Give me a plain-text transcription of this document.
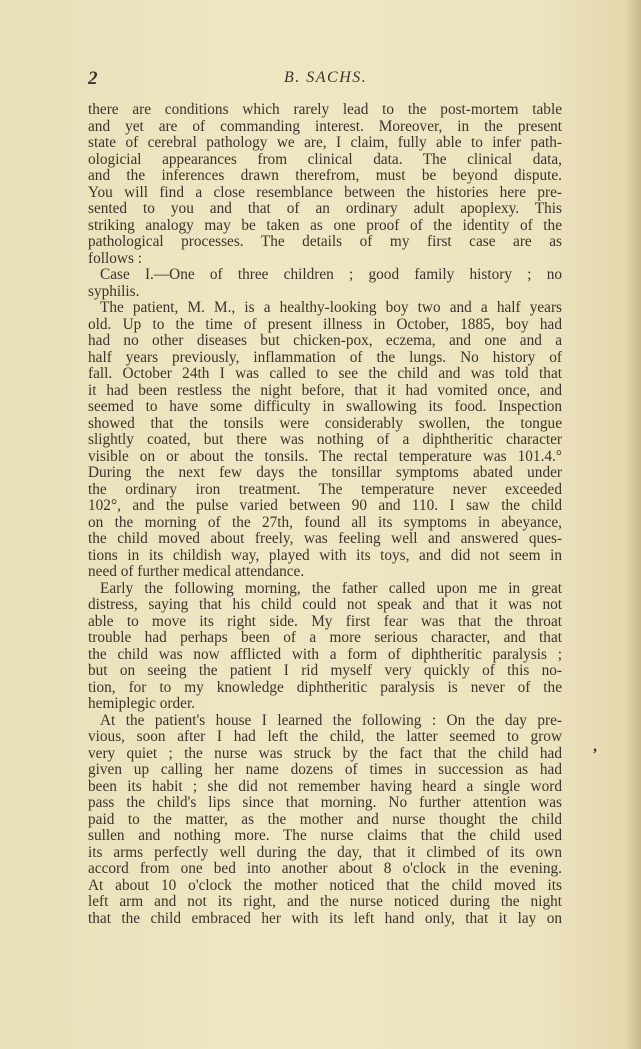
2	B. SACHS.
there are conditions which rarely lead to the post-mortem table
and yet are of commanding interest. Moreover, in the present
state of cerebral pathology we are, I claim, fully able to infer path-
ologicial appearances from clinical data. The clinical data,
and the inferences drawn therefrom, must be beyond dispute.
You will find a close resemblance between the histories here pre-
sented to you and that of an ordinary adult apoplexy. This
striking analogy may be taken as one proof of the identity of the
pathological processes. The details of my first case are as
follows :
Case I.—One of three children ; good family history ; no
syphilis.
The patient, M. M., is a healthy-looking boy two and a half years
old. Up to the time of present illness in October, 1885, boy had
had no other diseases but chicken-pox, eczema, and one and a
half years previously, inflammation of the lungs. No history of
fall. October 24th I was called to see the child and was told that
it had been restless the night before, that it had vomited once, and
seemed to have some difficulty in swallowing its food. Inspection
showed that the tonsils were considerably swollen, the tongue
slightly coated, but there was nothing of a diphtheritic character
visible on or about the tonsils. The rectal temperature was 101.4.°
During the next few days the tonsillar symptoms abated under
the ordinary iron treatment. The temperature never exceeded
102°, and the pulse varied between 90 and 110. I saw the child
on the morning of the 27th, found all its symptoms in abeyance,
the child moved about freely, was feeling well and answered ques-
tions in its childish way, played with its toys, and did not seem in
need of further medical attendance.
Early the following morning, the father called upon me in great
distress, saying that his child could not speak and that it was not
able to move its right side. My first fear was that the throat
trouble had perhaps been of a more serious character, and that
the child was now afflicted with a form of diphtheritic paralysis ;
but on seeing the patient I rid myself very quickly of this no-
tion, for to my knowledge diphtheritic paralysis is never of the
hemiplegic order.
At the patient's house I learned the following : On the day pre-
vious, soon after I had left the child, the latter seemed to grow
very quiet ; the nurse was struck by the fact that the child had
given up calling her name dozens of times in succession as had
been its habit ; she did not remember having heard a single word
pass the child's lips since that morning. No further attention was
paid to the matter, as the mother and nurse thought the child
sullen and nothing more. The nurse claims that the child used
its arms perfectly well during the day, that it climbed of its own
accord from one bed into another about 8 o'clock in the evening.
At about 10 o'clock the mother noticed that the child moved its
left arm and not its right, and the nurse noticed during the night
that the child embraced her with its left hand only, that it lay on
,
